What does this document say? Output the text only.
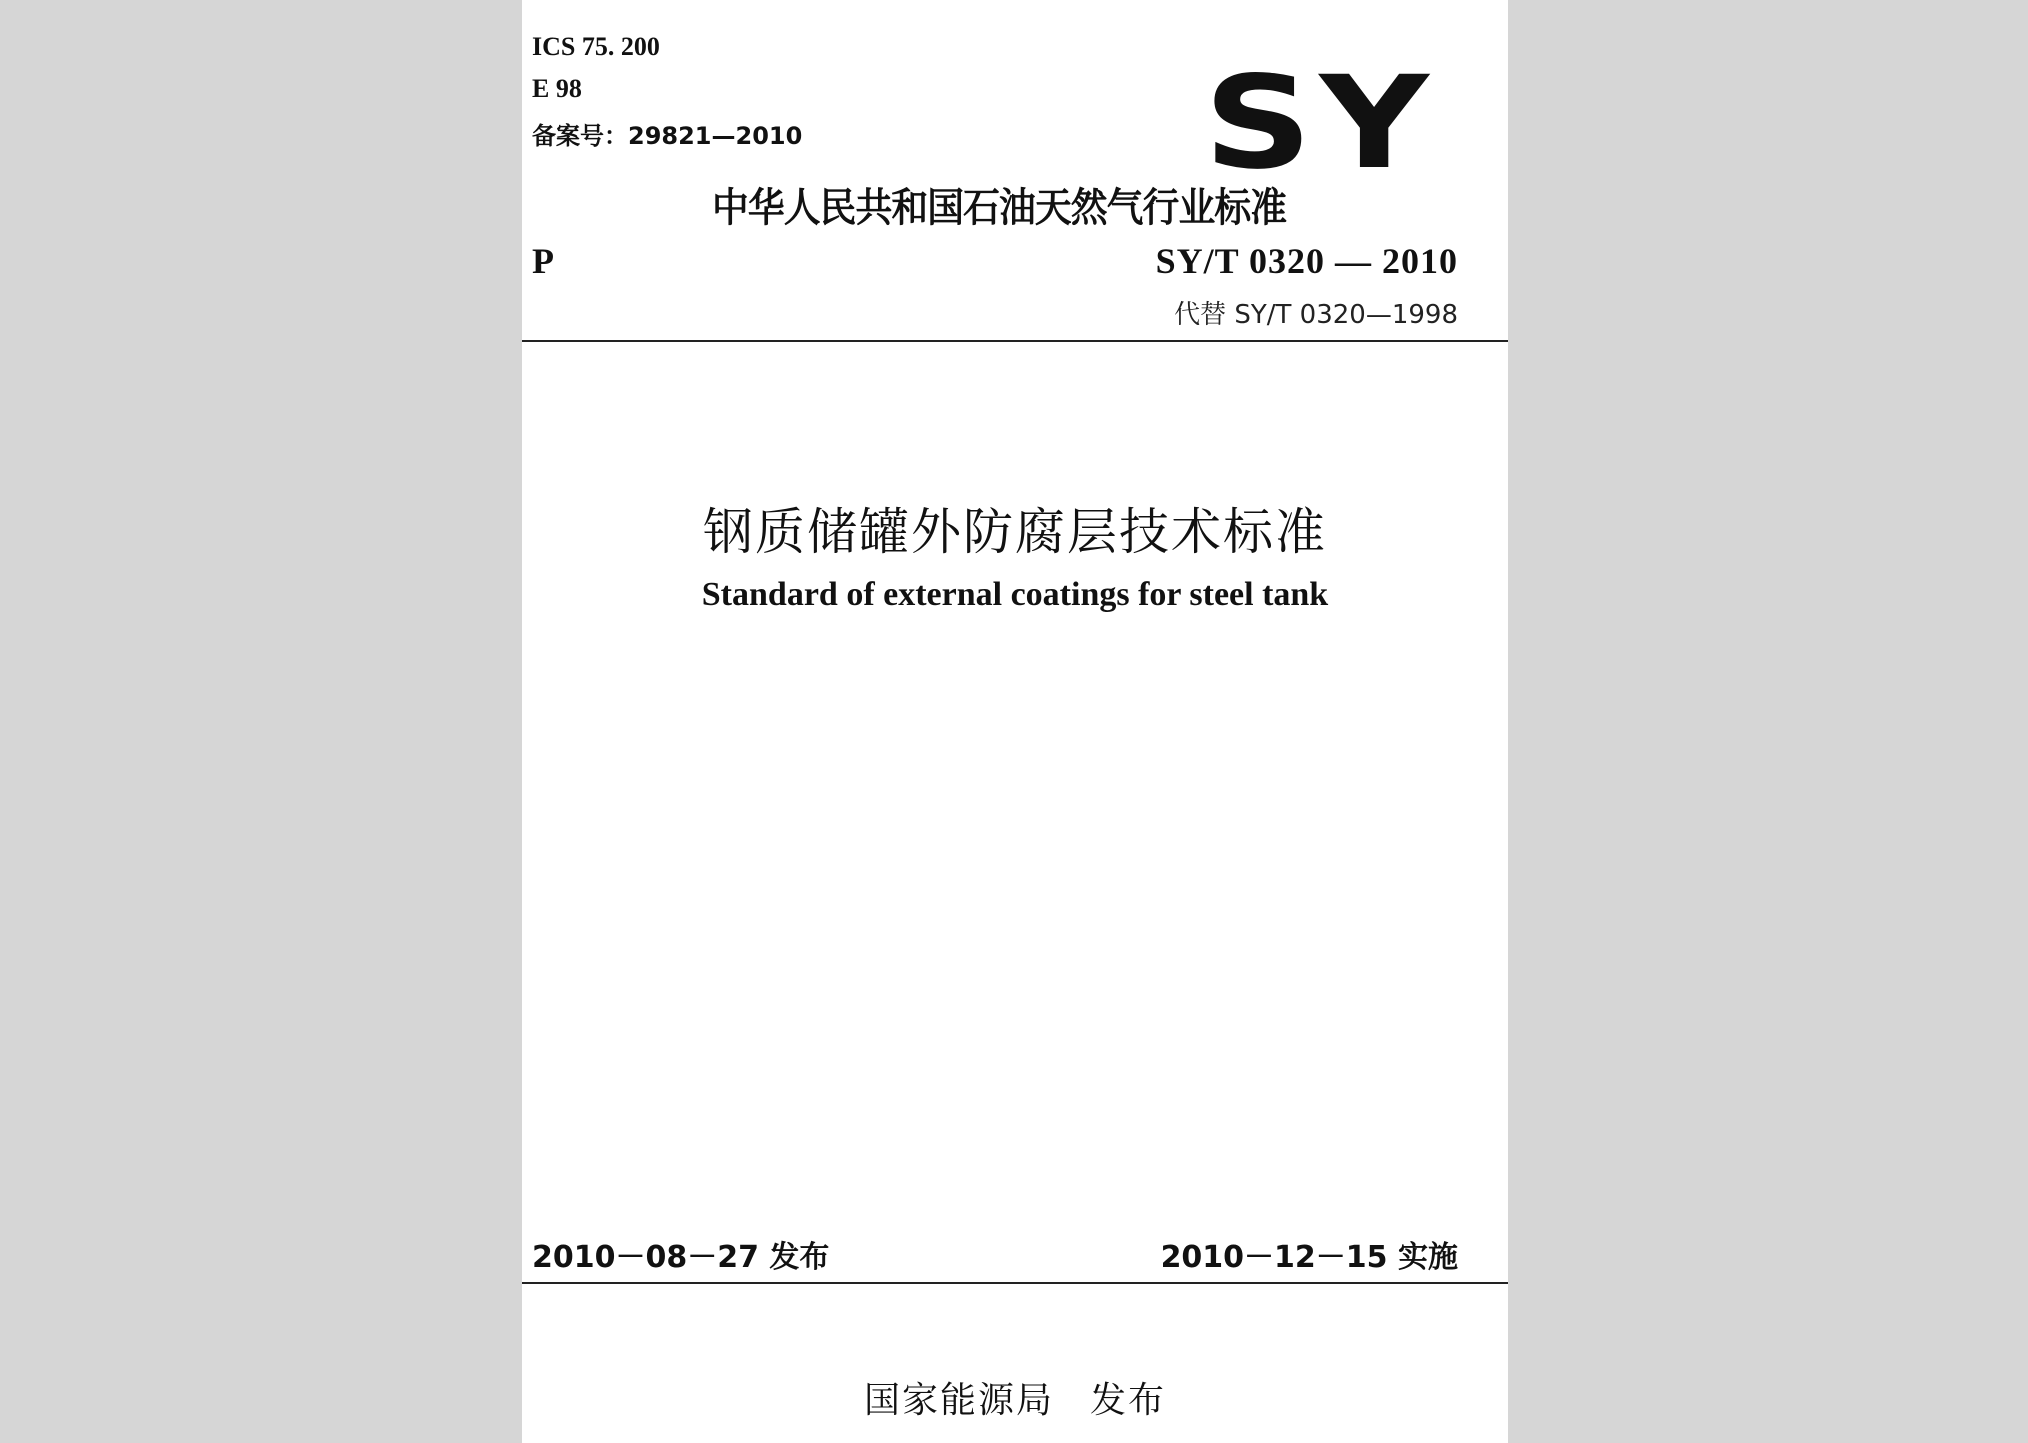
ICS 75. 200
E 98
备案号：29821—2010	SY
中华人民共和国石油天然气行业标准
P	SY/T 0320 — 2010
代替 SY/T 0320—1998
钢质储罐外防腐层技术标准
Standard of external coatings for steel tank
2010－08－27 发布	2010－12－15 实施
国家能源局 发布
